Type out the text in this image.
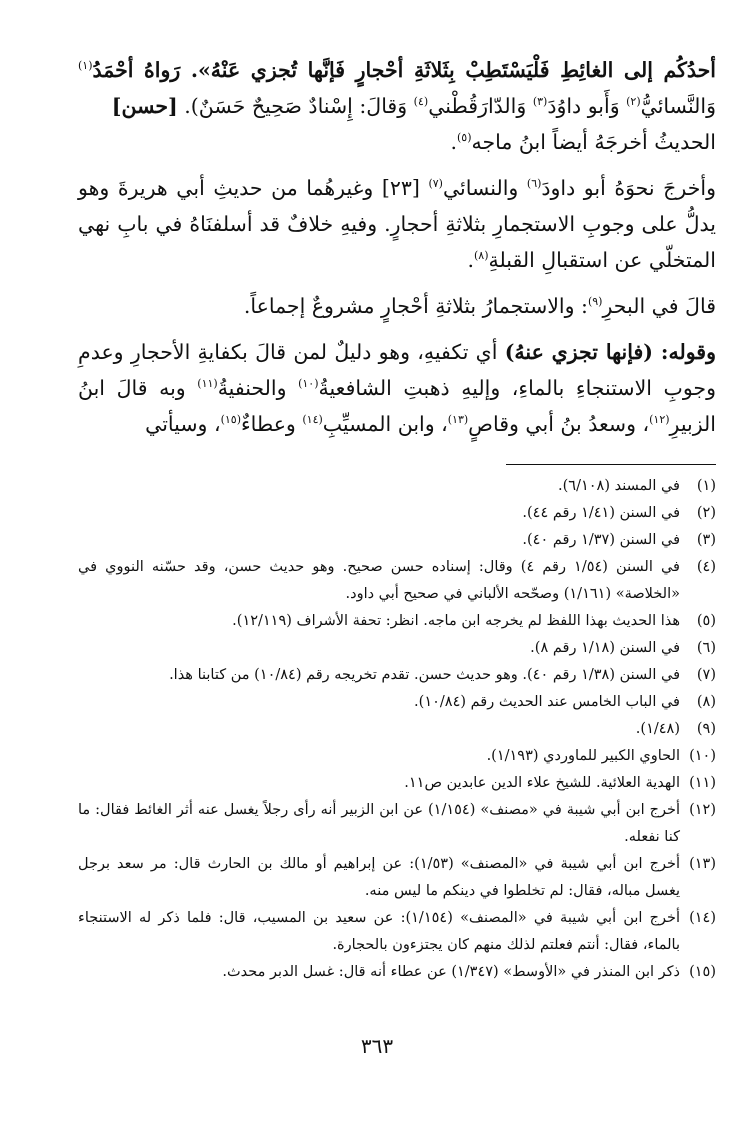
أحدُكُم إلى الغائِطِ فَلْيَسْتَطِبْ بِثَلاثَةِ أحْجارٍ فَإنَّها تُجزي عَنْهُ». رَواهُ أحْمَدُ$^{(١)}$ وَالنَّسائيُّ$^{(٢)}$ وَأَبو داوُدَ$^{(٣)}$ وَالدّارَقُطْني$^{(٤)}$ وَقالَ: إِسْنادٌ صَحِيحٌ حَسَنٌ). [حسن]
الحديثُ أخرجَهُ أيضاً ابنُ ماجه$^{(٥)}$.

وأخرجَ نحوَهُ أبو داودَ$^{(٦)}$ والنسائي$^{(٧)}$ [٢٣] وغيرهُما من حديثِ أبي هريرةَ وهو يدلُّ على وجوبِ الاستجمارِ بثلاثةِ أحجارٍ. وفيهِ خلافٌ قد أسلفنَاهُ في بابِ نهي المتخلّي عن استقبالِ القبلةِ$^{(٨)}$.

قالَ في البحرِ$^{(٩)}$: والاستجمارُ بثلاثةِ أحْجارٍ مشروعٌ إجماعاً.

وقوله: (فإنها تجزي عنهُ) أي تكفيهِ، وهو دليلٌ لمن قالَ بكفايةِ الأحجارِ وعدمِ وجوبِ الاستنجاءِ بالماءِ، وإليهِ ذهبتِ الشافعيةُ$^{(١٠)}$ والحنفيةُ$^{(١١)}$ وبه قالَ ابنُ الزبيرِ$^{(١٢)}$، وسعدُ بنُ أبي وقاصٍ$^{(١٣)}$، وابن المسيِّبِ$^{(١٤)}$ وعطاءٌ$^{(١٥)}$، وسيأتي

(١)
في المسند (٦/١٠٨).
(٢)
في السنن (١/٤١ رقم ٤٤).
(٣)
في السنن (١/٣٧ رقم ٤٠).
(٤)
في السنن (١/٥٤ رقم ٤) وقال: إسناده حسن صحيح. وهو حديث حسن، وقد حسّنه النووي في «الخلاصة» (١/١٦١) وصحّحه الألباني في صحيح أبي داود.
(٥)
هذا الحديث بهذا اللفظ لم يخرجه ابن ماجه. انظر: تحفة الأشراف (١٢/١١٩).
(٦)
في السنن (١/١٨ رقم ٨).
(٧)
في السنن (١/٣٨ رقم ٤٠). وهو حديث حسن. تقدم تخريجه رقم (١٠/٨٤) من كتابنا هذا.
(٨)
في الباب الخامس عند الحديث رقم (١٠/٨٤).
(٩)
(١/٤٨).
(١٠)
الحاوي الكبير للماوردي (١/١٩٣).
(١١)
الهدية العلائية. للشيخ علاء الدين عابدين ص١١.
(١٢)
أخرج ابن أبي شيبة في «مصنف» (١/١٥٤) عن ابن الزبير أنه رأى رجلاً يغسل عنه أثر الغائط فقال: ما كنا نفعله.
(١٣)
أخرج ابن أبي شيبة في «المصنف» (١/٥٣): عن إبراهيم أو مالك بن الحارث قال: مر سعد برجل يغسل مباله، فقال: لم تخلطوا في دينكم ما ليس منه.
(١٤)
أخرج ابن أبي شيبة في «المصنف» (١/١٥٤): عن سعيد بن المسيب، قال: فلما ذكر له الاستنجاء بالماء، فقال: أنتم فعلتم لذلك منهم كان يجتزءون بالحجارة.
(١٥)
ذكر ابن المنذر في «الأوسط» (١/٣٤٧) عن عطاء أنه قال: غسل الدبر محدث.
٣٦٣
